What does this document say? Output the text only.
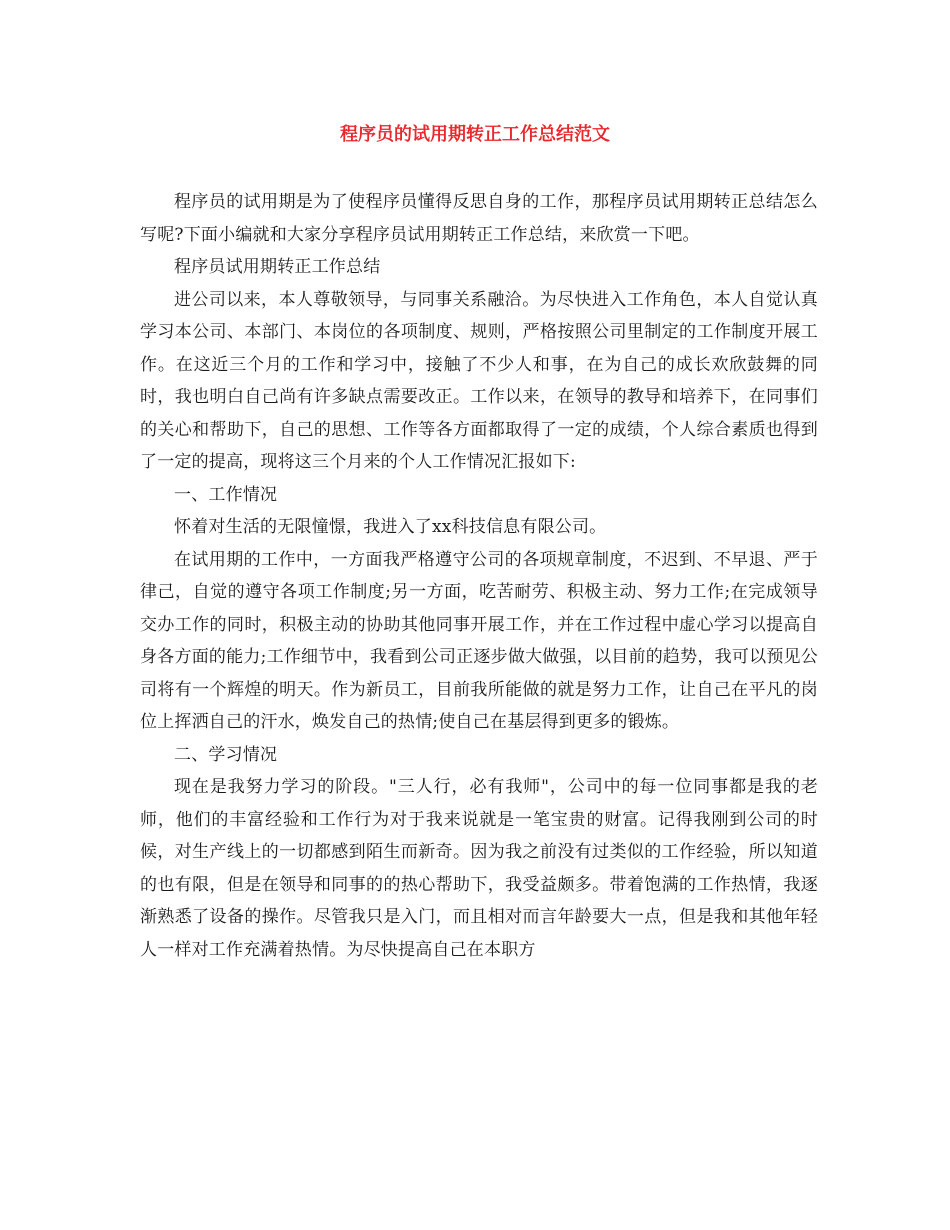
程序员的试用期转正工作总结范文

程序员的试用期是为了使程序员懂得反思自身的工作，那程序员试用期转正总结怎么写呢?下面小编就和大家分享程序员试用期转正工作总结，来欣赏一下吧。

程序员试用期转正工作总结

进公司以来，本人尊敬领导，与同事关系融洽。为尽快进入工作角色，本人自觉认真学习本公司、本部门、本岗位的各项制度、规则，严格按照公司里制定的工作制度开展工作。在这近三个月的工作和学习中，接触了不少人和事，在为自己的成长欢欣鼓舞的同时，我也明白自己尚有许多缺点需要改正。工作以来，在领导的教导和培养下，在同事们的关心和帮助下，自己的思想、工作等各方面都取得了一定的成绩，个人综合素质也得到了一定的提高，现将这三个月来的个人工作情况汇报如下:

一、工作情况

怀着对生活的无限憧憬，我进入了xx科技信息有限公司。

在试用期的工作中，一方面我严格遵守公司的各项规章制度，不迟到、不早退、严于律己，自觉的遵守各项工作制度;另一方面，吃苦耐劳、积极主动、努力工作;在完成领导交办工作的同时，积极主动的协助其他同事开展工作，并在工作过程中虚心学习以提高自身各方面的能力;工作细节中，我看到公司正逐步做大做强，以目前的趋势，我可以预见公司将有一个辉煌的明天。作为新员工，目前我所能做的就是努力工作，让自己在平凡的岗位上挥洒自己的汗水，焕发自己的热情;使自己在基层得到更多的锻炼。

二、学习情况

现在是我努力学习的阶段。"三人行，必有我师"，公司中的每一位同事都是我的老师，他们的丰富经验和工作行为对于我来说就是一笔宝贵的财富。记得我刚到公司的时候，对生产线上的一切都感到陌生而新奇。因为我之前没有过类似的工作经验，所以知道的也有限，但是在领导和同事的的热心帮助下，我受益颇多。带着饱满的工作热情，我逐渐熟悉了设备的操作。尽管我只是入门，而且相对而言年龄要大一点，但是我和其他年轻人一样对工作充满着热情。为尽快提高自己在本职方
